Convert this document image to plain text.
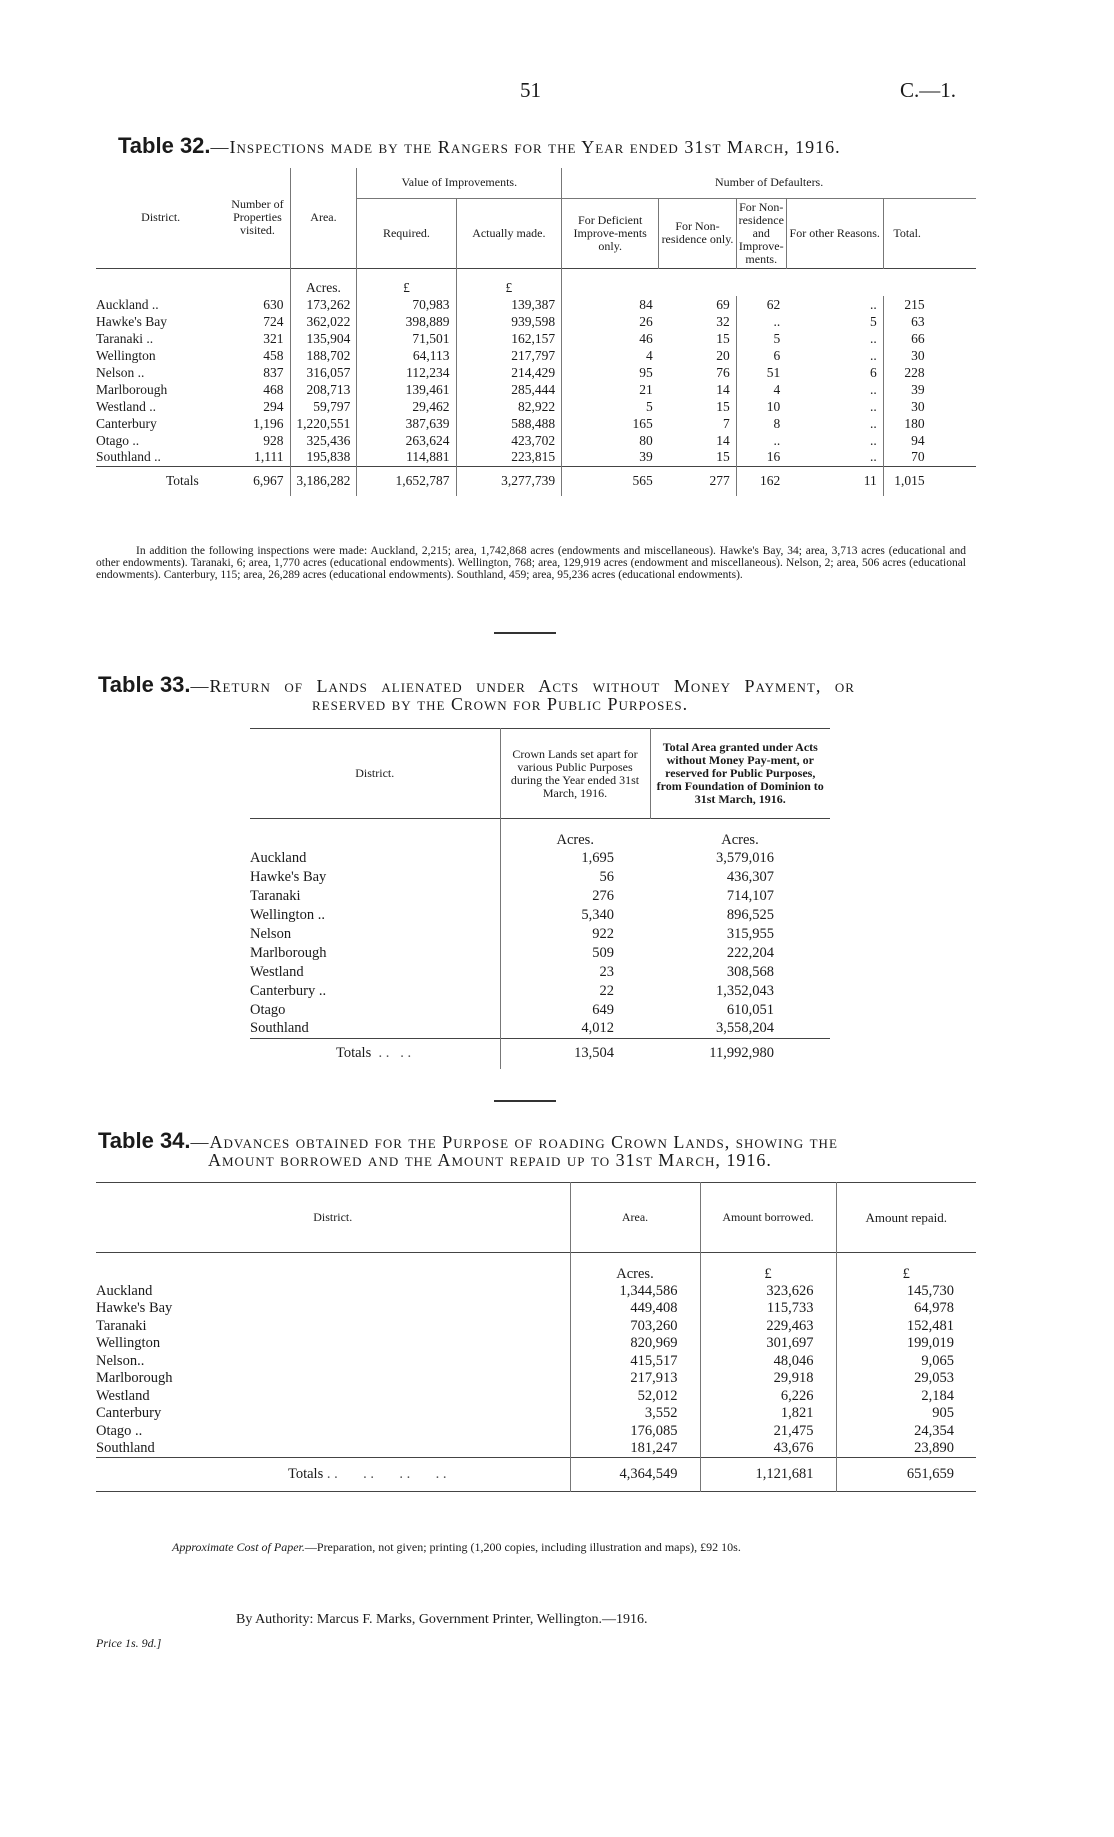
51	C.—1.
Table 32.—Inspections made by the Rangers for the Year ended 31st March, 1916.
District.	Number of Properties visited.	Area.	Value of Improvements.		Number of Defaulters.				
			Required.	Actually made.	For Deficient Improve-ments only.	For Non-residence only.	For Non-residence and Improve-ments.	For other Reasons.	Total.
		Acres.	£	£					
Auckland ..	630	173,262	70,983	139,387	84	69	62	..	215
Hawke's Bay	724	362,022	398,889	939,598	26	32	..	5	63
Taranaki ..	321	135,904	71,501	162,157	46	15	5	..	66
Wellington	458	188,702	64,113	217,797	4	20	6	..	30
Nelson ..	837	316,057	112,234	214,429	95	76	51	6	228
Marlborough	468	208,713	139,461	285,444	21	14	4	..	39
Westland ..	294	59,797	29,462	82,922	5	15	10	..	30
Canterbury	1,196	1,220,551	387,639	588,488	165	7	8	..	180
Otago ..	928	325,436	263,624	423,702	80	14	..	..	94
Southland ..	1,111	195,838	114,881	223,815	39	15	16	..	70
Totals	6,967	3,186,282	1,652,787	3,277,739	565	277	162	11	1,015
In addition the following inspections were made: Auckland, 2,215; area, 1,742,868 acres (endowments and miscellaneous). Hawke's Bay, 34; area, 3,713 acres (educational and other endowments). Taranaki, 6; area, 1,770 acres (educational endowments). Wellington, 768; area, 129,919 acres (endowment and miscellaneous). Nelson, 2; area, 506 acres (educational endowments). Canterbury, 115; area, 26,289 acres (educational endowments). Southland, 459; area, 95,236 acres (educational endowments).
Table 33.—Return of Lands alienated under Acts without Money Payment, or
reserved by the Crown for Public Purposes.
District.	Crown Lands set apart for various Public Purposes during the Year ended 31st March, 1916.	Total Area granted under Acts without Money Pay-ment, or reserved for Public Purposes, from Foundation of Dominion to 31st March, 1916.
	Acres.	Acres.
Auckland	1,695	3,579,016
Hawke's Bay	56	436,307
Taranaki	276	714,107
Wellington ..	5,340	896,525
Nelson	922	315,955
Marlborough	509	222,204
Westland	23	308,568
Canterbury ..	22	1,352,043
Otago	649	610,051
Southland	4,012	3,558,204
Totals  . .   . .	13,504	11,992,980
Table 34.—Advances obtained for the Purpose of roading Crown Lands, showing the
Amount borrowed and the Amount repaid up to 31st March, 1916.
District.	Area.	Amount borrowed.	Amount repaid.
	Acres.	£	£
Auckland	1,344,586	323,626	145,730
Hawke's Bay	449,408	115,733	64,978
Taranaki	703,260	229,463	152,481
Wellington	820,969	301,697	199,019
Nelson..	415,517	48,046	9,065
Marlborough	217,913	29,918	29,053
Westland	52,012	6,226	2,184
Canterbury	3,552	1,821	905
Otago ..	176,085	21,475	24,354
Southland	181,247	43,676	23,890
Totals . .       . .       . .       . .	4,364,549	1,121,681	651,659

Approximate Cost of Paper.—Preparation, not given; printing (1,200 copies, including illustration and maps), £92 10s.
By Authority: Marcus F. Marks, Government Printer, Wellington.—1916.
Price 1s. 9d.]
